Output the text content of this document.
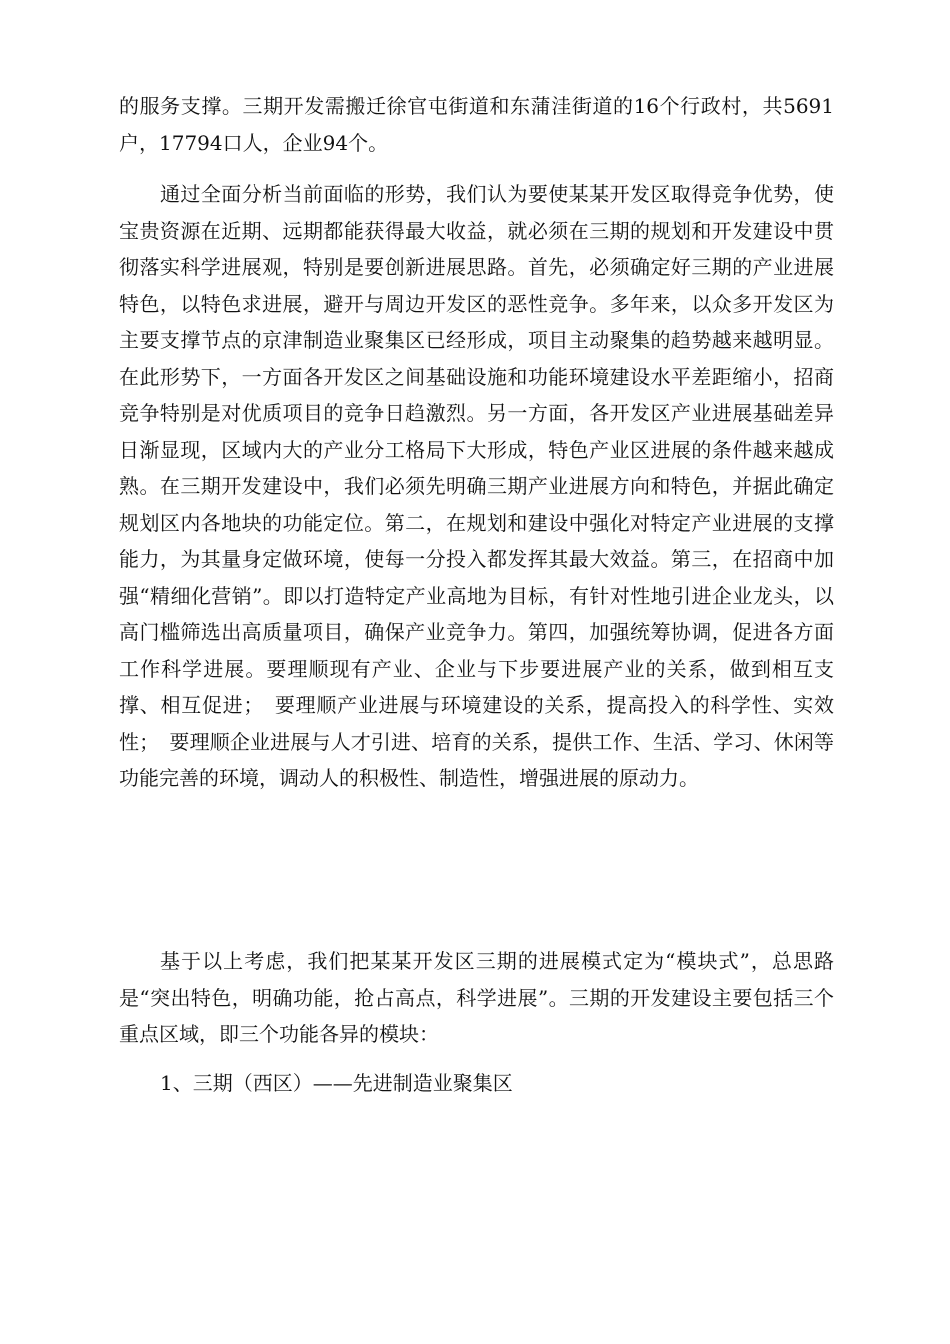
的服务支撑。三期开发需搬迁徐官屯街道和东蒲洼街道的16个行政村，共5691户，17794口人，企业94个。

通过全面分析当前面临的形势，我们认为要使某某开发区取得竞争优势，使宝贵资源在近期、远期都能获得最大收益，就必须在三期的规划和开发建设中贯彻落实科学进展观，特别是要创新进展思路。首先，必须确定好三期的产业进展特色，以特色求进展，避开与周边开发区的恶性竞争。多年来，以众多开发区为主要支撑节点的京津制造业聚集区已经形成，项目主动聚集的趋势越来越明显。在此形势下，一方面各开发区之间基础设施和功能环境建设水平差距缩小，招商竞争特别是对优质项目的竞争日趋激烈。另一方面，各开发区产业进展基础差异日渐显现，区域内大的产业分工格局下大形成，特色产业区进展的条件越来越成熟。在三期开发建设中，我们必须先明确三期产业进展方向和特色，并据此确定规划区内各地块的功能定位。第二，在规划和建设中强化对特定产业进展的支撑能力，为其量身定做环境，使每一分投入都发挥其最大效益。第三，在招商中加强“精细化营销”。即以打造特定产业高地为目标，有针对性地引进企业龙头，以高门槛筛选出高质量项目，确保产业竞争力。第四，加强统筹协调，促进各方面工作科学进展。要理顺现有产业、企业与下步要进展产业的关系，做到相互支撑、相互促进；　要理顺产业进展与环境建设的关系，提高投入的科学性、实效性；　要理顺企业进展与人才引进、培育的关系，提供工作、生活、学习、休闲等功能完善的环境，调动人的积极性、制造性，增强进展的原动力。

基于以上考虑，我们把某某开发区三期的进展模式定为“模块式”，总思路是“突出特色，明确功能，抢占高点，科学进展”。三期的开发建设主要包括三个重点区域，即三个功能各异的模块：

1、三期（西区）——先进制造业聚集区
